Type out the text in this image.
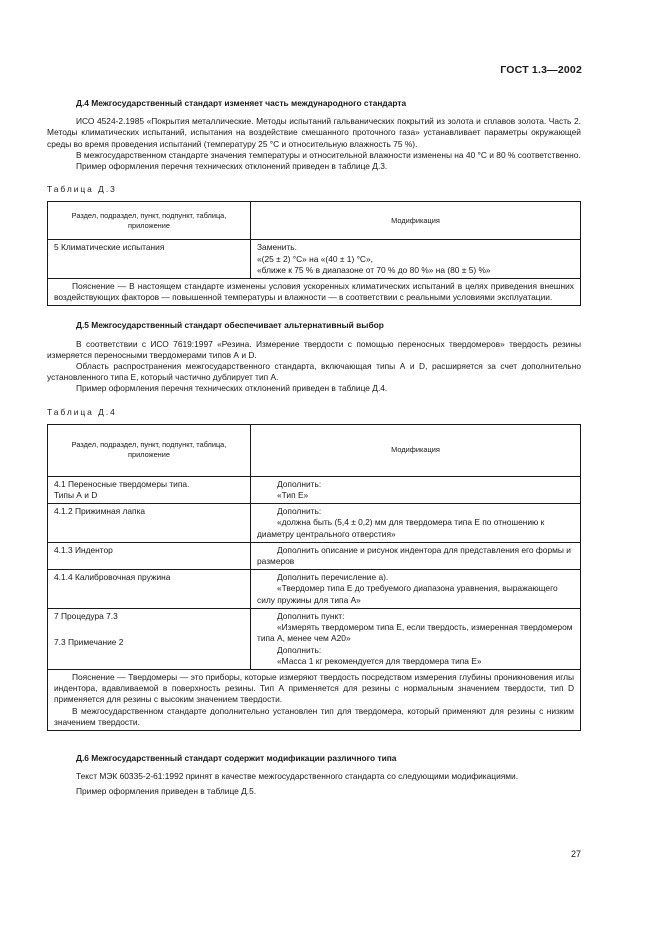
ГОСТ 1.3—2002
Д.4 Межгосударственный стандарт изменяет часть международного стандарта

ИСО 4524-2.1985 «Покрытия металлические. Методы испытаний гальванических покрытий из золота и сплавов золота. Часть 2. Методы климатических испытаний, испытания на воздействие смешанного проточного газа» устанавливает параметры окружающей среды во время проведения испытаний (температуру 25 °С и относительную влажность 75 %).

В межгосударственном стандарте значения температуры и относительной влажности изменены на 40 °С и 80 % соответственно.

Пример оформления перечня технических отклонений приведен в таблице Д.3.

Таблица Д.3
Раздел, подраздел, пункт, подпункт, таблица, приложение	Модификация
5 Климатические испытания	Заменить.
«(25 ± 2) °С» на «(40 ± 1) °С»,
«ближе к 75 % в диапазоне от 70 % до 80 %» на (80 ± 5) %»

Пояснение — В настоящем стандарте изменены условия ускоренных климатических испытаний в целях приведения внешних воздействующих факторов — повышенной температуры и влажности — в соответствии с реальными условиями эксплуатации.	
Д.5 Межгосударственный стандарт обеспечивает альтернативный выбор

В соответствии с ИСО 7619:1997 «Резина. Измерение твердости с помощью переносных твердомеров» твердость резины измеряется переносными твердомерами типов А и D.

Область распространения межгосударственного стандарта, включающая типы А и D, расширяется за счет дополнительно установленного типа Е, который частично дублирует тип А.

Пример оформления перечня технических отклонений приведен в таблице Д.4.

Таблица Д.4
Раздел, подраздел, пункт, подпункт, таблица, приложение	Модификация

4.1 Переносные твердомеры типа.
Типы А и D	Дополнить:
«Тип Е»

4.1.2 Прижимная лапка	Дополнить:
«должна быть (5,4 ± 0,2) мм для твердомера типа Е по отношению к диаметру центрального отверстия»

4.1.3 Индентор	Дополнить описание и рисунок индентора для представления его формы и размеров

4.1.4 Калибровочная пружина	Дополнить перечисление а).
«Твердомер типа Е до требуемого диапазона уравнения, выражающего силу пружины для типа А»

7 Процедура 7.3
7.3 Примечание 2	Дополнить пункт:
«Измерять твердомером типа Е, если твердость, измеренная твердомером типа А, менее чем А20»
Дополнить:
«Масса 1 кг рекомендуется для твердомера типа Е»

Пояснение — Твердомеры — это приборы, которые измеряют твердость посредством измерения глубины проникновения иглы индентора, вдавливаемой в поверхность резины. Тип А применяется для резины с нормальным значением твердости, тип D применяется для резины с высоким значением твердости.
В межгосударственном стандарте дополнительно установлен тип для твердомера, который применяют для резины с низким значением твердости.	
Д.6 Межгосударственный стандарт содержит модификации различного типа

Текст МЭК 60335-2-61:1992 принят в качестве межгосударственного стандарта со следующими модификациями.

Пример оформления приведен в таблице Д.5.

27
